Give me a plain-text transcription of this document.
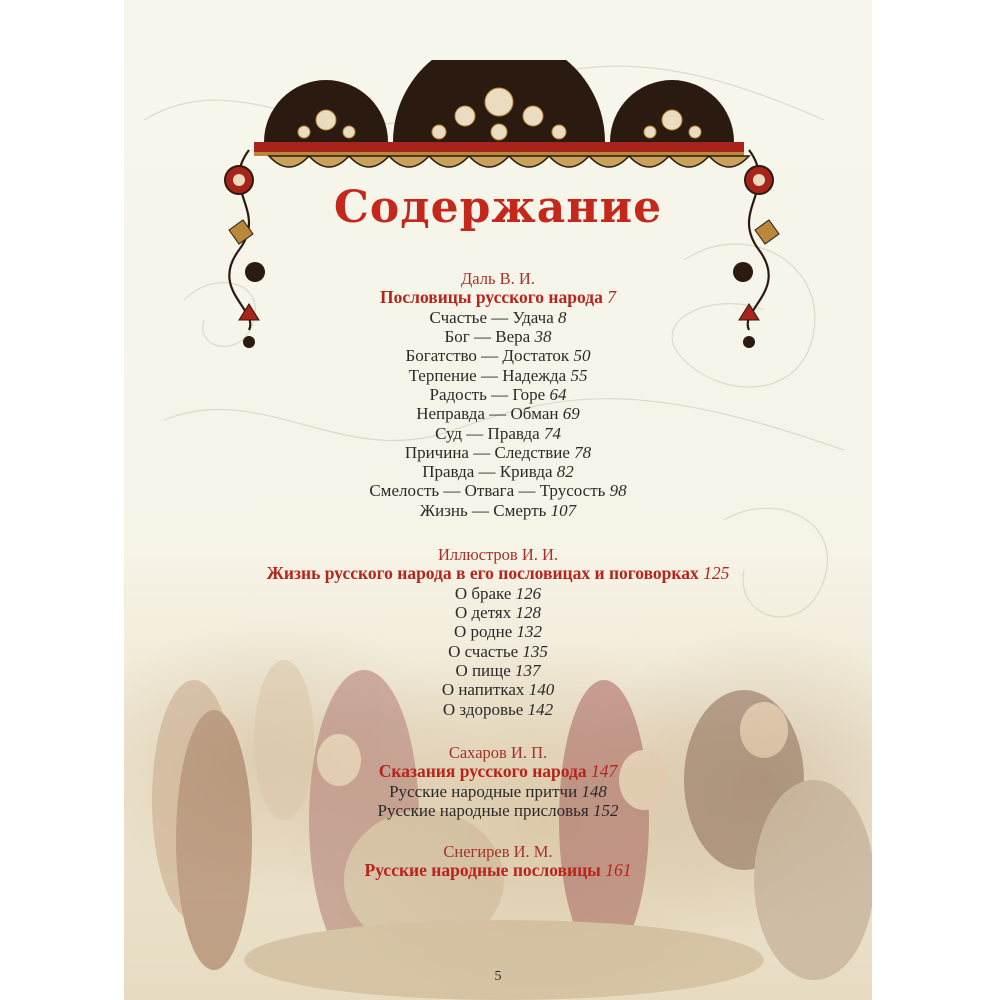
Содержание
Даль В. И.
Пословицы русского народа 7
Счастье — Удача 8
Бог — Вера 38
Богатство — Достаток 50
Терпение — Надежда 55
Радость — Горе 64
Неправда — Обман 69
Суд — Правда 74
Причина — Следствие 78
Правда — Кривда 82
Смелость — Отвага — Трусость 98
Жизнь — Смерть 107
Иллюстров И. И.
Жизнь русского народа в его пословицах и поговорках 125
О браке 126
О детях 128
О родне 132
О счастье 135
О пище 137
О напитках 140
О здоровье 142
Сахаров И. П.
Сказания русского народа 147
Русские народные притчи 148
Русские народные присловья 152
Снегирев И. М.
Русские народные пословицы 161
5
